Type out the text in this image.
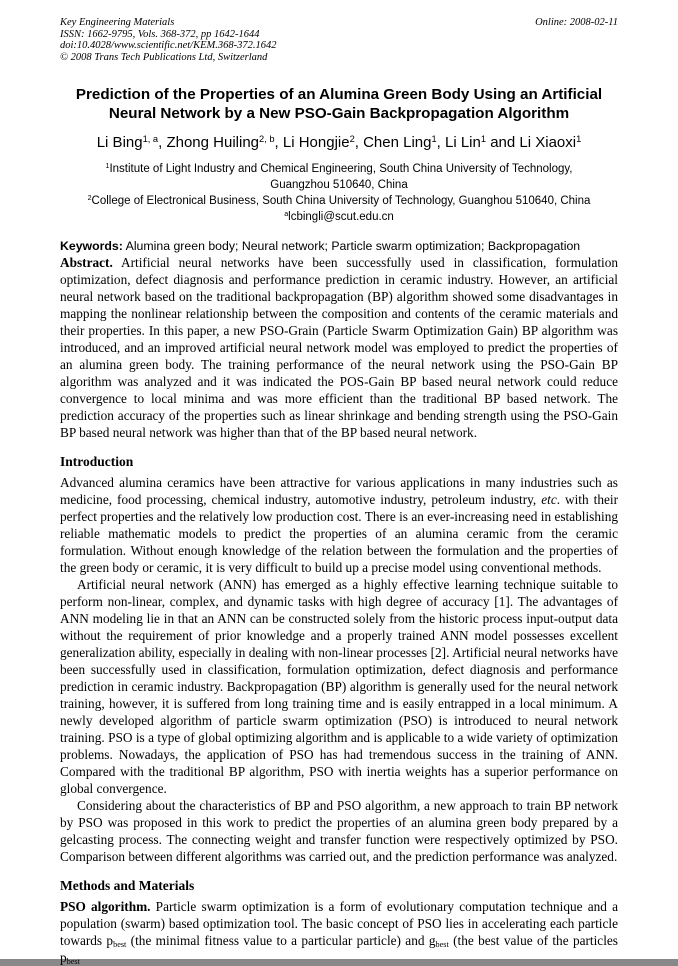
Key Engineering Materials
ISSN: 1662-9795, Vols. 368-372, pp 1642-1644
doi:10.4028/www.scientific.net/KEM.368-372.1642
© 2008 Trans Tech Publications Ltd, Switzerland
Online: 2008-02-11
Prediction of the Properties of an Alumina Green Body Using an Artificial Neural Network by a New PSO-Gain Backpropagation Algorithm
Li Bing$^{1, a}$, Zhong Huiling$^{2, b}$, Li Hongjie$^2$, Chen Ling$^1$, Li Lin$^1$ and Li Xiaoxi$^1$
$^1$Institute of Light Industry and Chemical Engineering, South China University of Technology,
Guangzhou 510640, China
$^2$College of Electronical Business, South China University of Technology, Guanghou 510640, China
$^a$lcbingli@scut.edu.cn
Keywords: Alumina green body; Neural network; Particle swarm optimization; Backpropagation

Abstract. Artificial neural networks have been successfully used in classification, formulation optimization, defect diagnosis and performance prediction in ceramic industry. However, an artificial neural network based on the traditional backpropagation (BP) algorithm showed some disadvantages in mapping the nonlinear relationship between the composition and contents of the ceramic materials and their properties. In this paper, a new PSO-Grain (Particle Swarm Optimization Gain) BP algorithm was introduced, and an improved artificial neural network model was employed to predict the properties of an alumina green body. The training performance of the neural network using the PSO-Gain BP algorithm was analyzed and it was indicated the POS-Gain BP based neural network could reduce convergence to local minima and was more efficient than the traditional BP based network. The prediction accuracy of the properties such as linear shrinkage and bending strength using the PSO-Gain BP based neural network was higher than that of the BP based neural network.

Introduction

Advanced alumina ceramics have been attractive for various applications in many industries such as medicine, food processing, chemical industry, automotive industry, petroleum industry, etc. with their perfect properties and the relatively low production cost. There is an ever-increasing need in establishing reliable mathematic models to predict the properties of an alumina ceramic from the ceramic formulation. Without enough knowledge of the relation between the formulation and the properties of the green body or ceramic, it is very difficult to build up a precise model using conventional methods.

Artificial neural network (ANN) has emerged as a highly effective learning technique suitable to perform non-linear, complex, and dynamic tasks with high degree of accuracy [1]. The advantages of ANN modeling lie in that an ANN can be constructed solely from the historic process input-output data without the requirement of prior knowledge and a properly trained ANN model possesses excellent generalization ability, especially in dealing with non-linear processes [2]. Artificial neural networks have been successfully used in classification, formulation optimization, defect diagnosis and performance prediction in ceramic industry. Backpropagation (BP) algorithm is generally used for the neural network training, however, it is suffered from long training time and is easily entrapped in a local minimum. A newly developed algorithm of particle swarm optimization (PSO) is introduced to neural network training. PSO is a type of global optimizing algorithm and is applicable to a wide variety of optimization problems. Nowadays, the application of PSO has had tremendous success in the training of ANN. Compared with the traditional BP algorithm, PSO with inertia weights has a superior performance on global convergence.

Considering about the characteristics of BP and PSO algorithm, a new approach to train BP network by PSO was proposed in this work to predict the properties of an alumina green body prepared by a gelcasting process. The connecting weight and transfer function were respectively optimized by PSO. Comparison between different algorithms was carried out, and the prediction performance was analyzed.

Methods and Materials

PSO algorithm. Particle swarm optimization is a form of evolutionary computation technique and a population (swarm) based optimization tool. The basic concept of PSO lies in accelerating each particle towards $p_{best}$ (the minimal fitness value to a particular particle) and $g_{best}$ (the best value of the particles $p_{best}$
